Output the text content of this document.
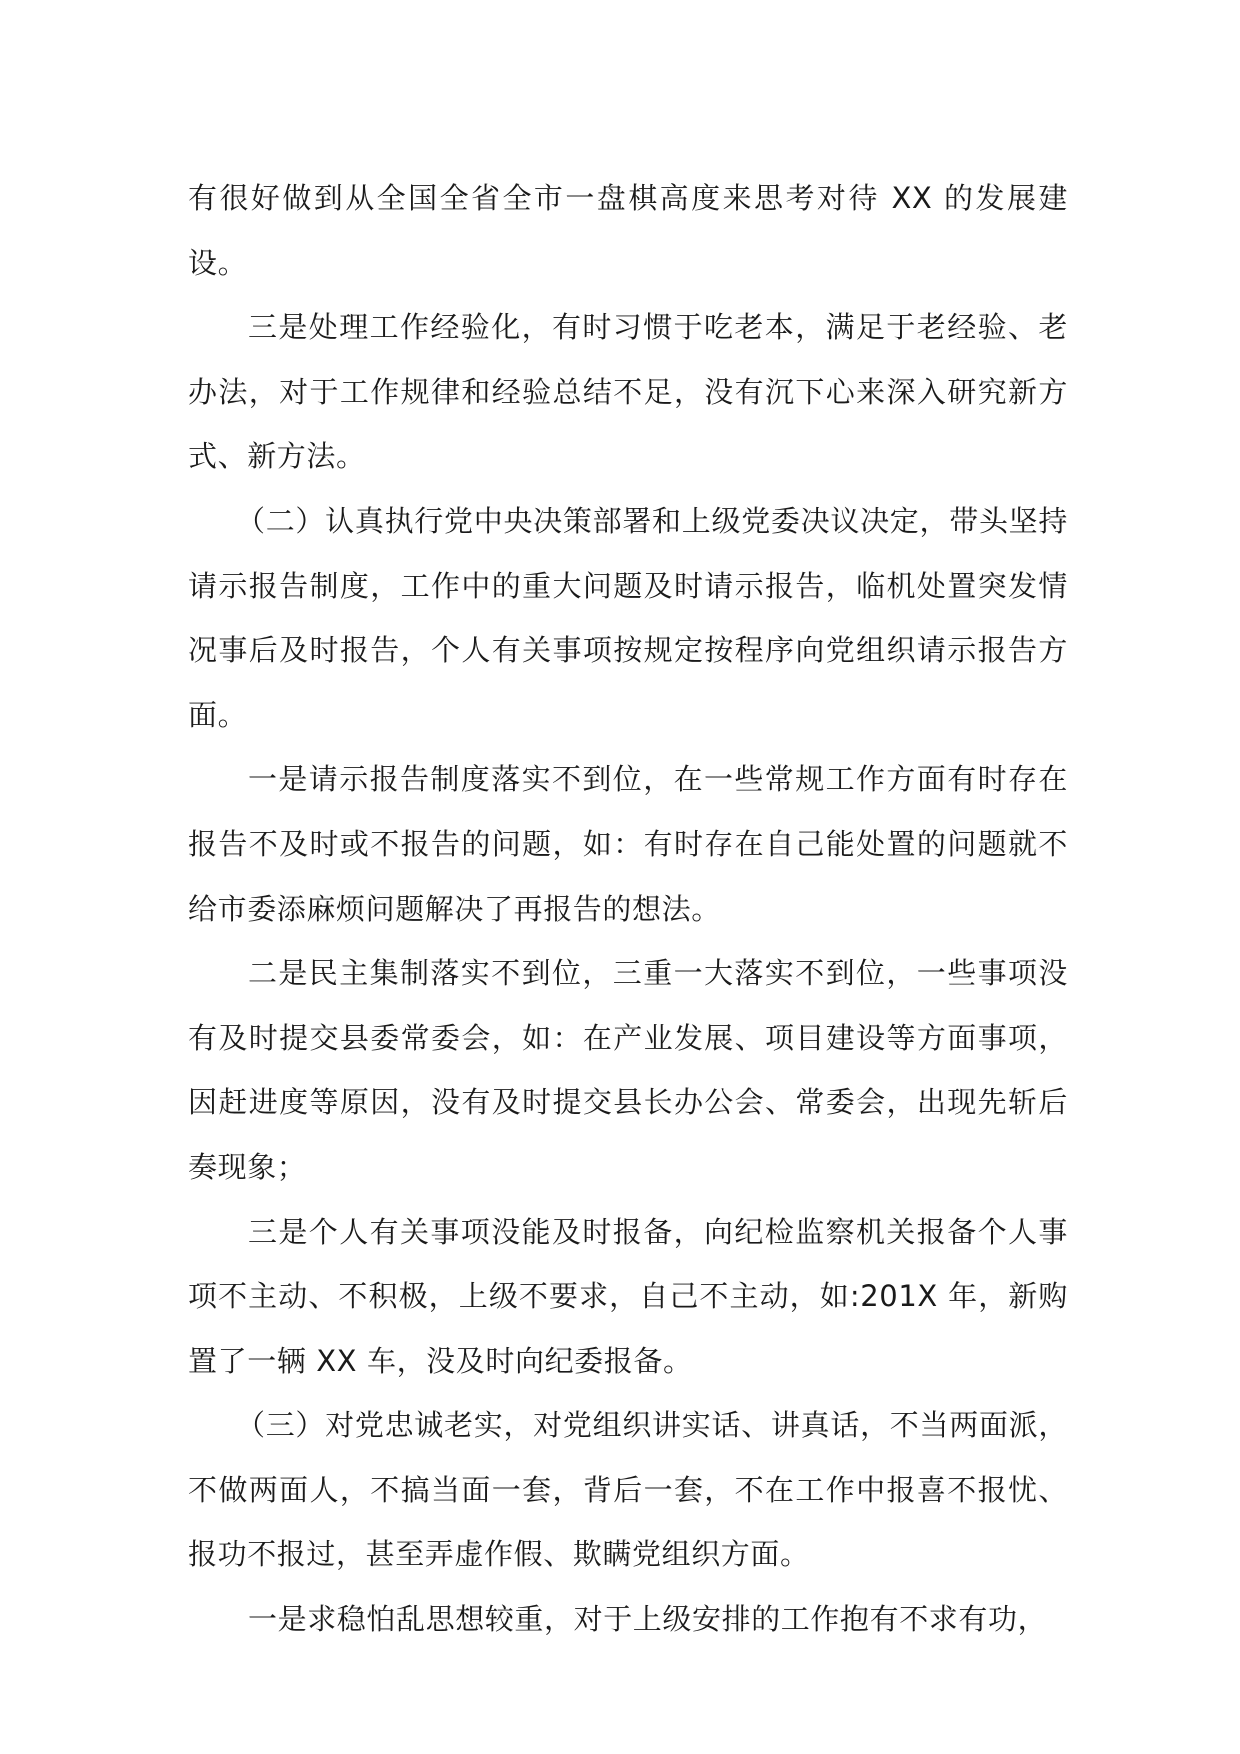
有很好做到从全国全省全市一盘棋高度来思考对待 XX 的发展建设。

三是处理工作经验化，有时习惯于吃老本，满足于老经验、老办法，对于工作规律和经验总结不足，没有沉下心来深入研究新方式、新方法。

（二）认真执行党中央决策部署和上级党委决议决定，带头坚持请示报告制度，工作中的重大问题及时请示报告，临机处置突发情况事后及时报告，个人有关事项按规定按程序向党组织请示报告方面。

一是请示报告制度落实不到位，在一些常规工作方面有时存在报告不及时或不报告的问题，如：有时存在自己能处置的问题就不给市委添麻烦问题解决了再报告的想法。

二是民主集制落实不到位，三重一大落实不到位，一些事项没有及时提交县委常委会，如：在产业发展、项目建设等方面事项，因赶进度等原因，没有及时提交县长办公会、常委会，出现先斩后奏现象；

三是个人有关事项没能及时报备，向纪检监察机关报备个人事项不主动、不积极，上级不要求，自己不主动，如:201X 年，新购置了一辆 XX 车，没及时向纪委报备。

（三）对党忠诚老实，对党组织讲实话、讲真话，不当两面派，不做两面人，不搞当面一套，背后一套，不在工作中报喜不报忧、报功不报过，甚至弄虚作假、欺瞒党组织方面。

一是求稳怕乱思想较重，对于上级安排的工作抱有不求有功，
